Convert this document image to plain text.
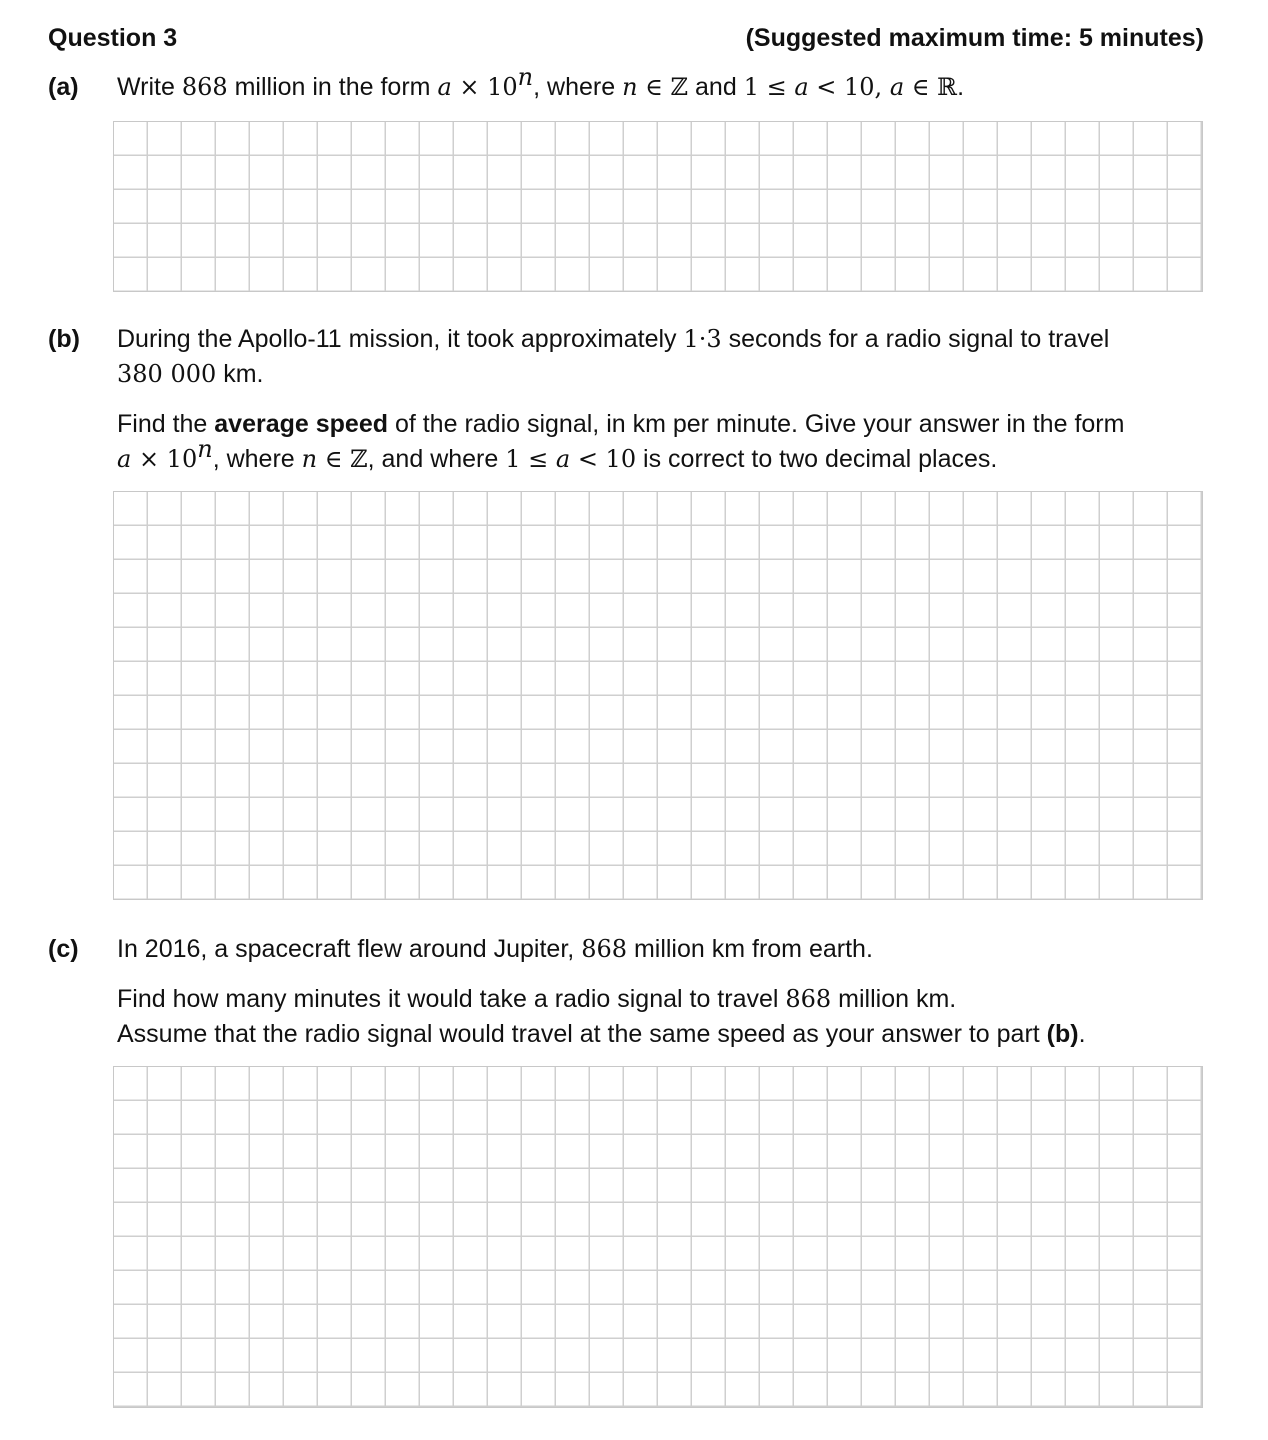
Question 3	(Suggested maximum time: 5 minutes)
(a) Write 868 million in the form $a \times 10^n$, where n ∈ ℤ and 1 ≤ a < 10, a ∈ ℝ.
(b) During the Apollo-11 mission, it took approximately 1·3 seconds for a radio signal to travel
380 000 km.
Find the average speed of the radio signal, in km per minute. Give your answer in the form
$a \times 10^n$, where n ∈ ℤ, and where 1 ≤ a < 10 is correct to two decimal places.
(c) In 2016, a spacecraft flew around Jupiter, 868 million km from earth.
Find how many minutes it would take a radio signal to travel 868 million km.
Assume that the radio signal would travel at the same speed as your answer to part (b).
